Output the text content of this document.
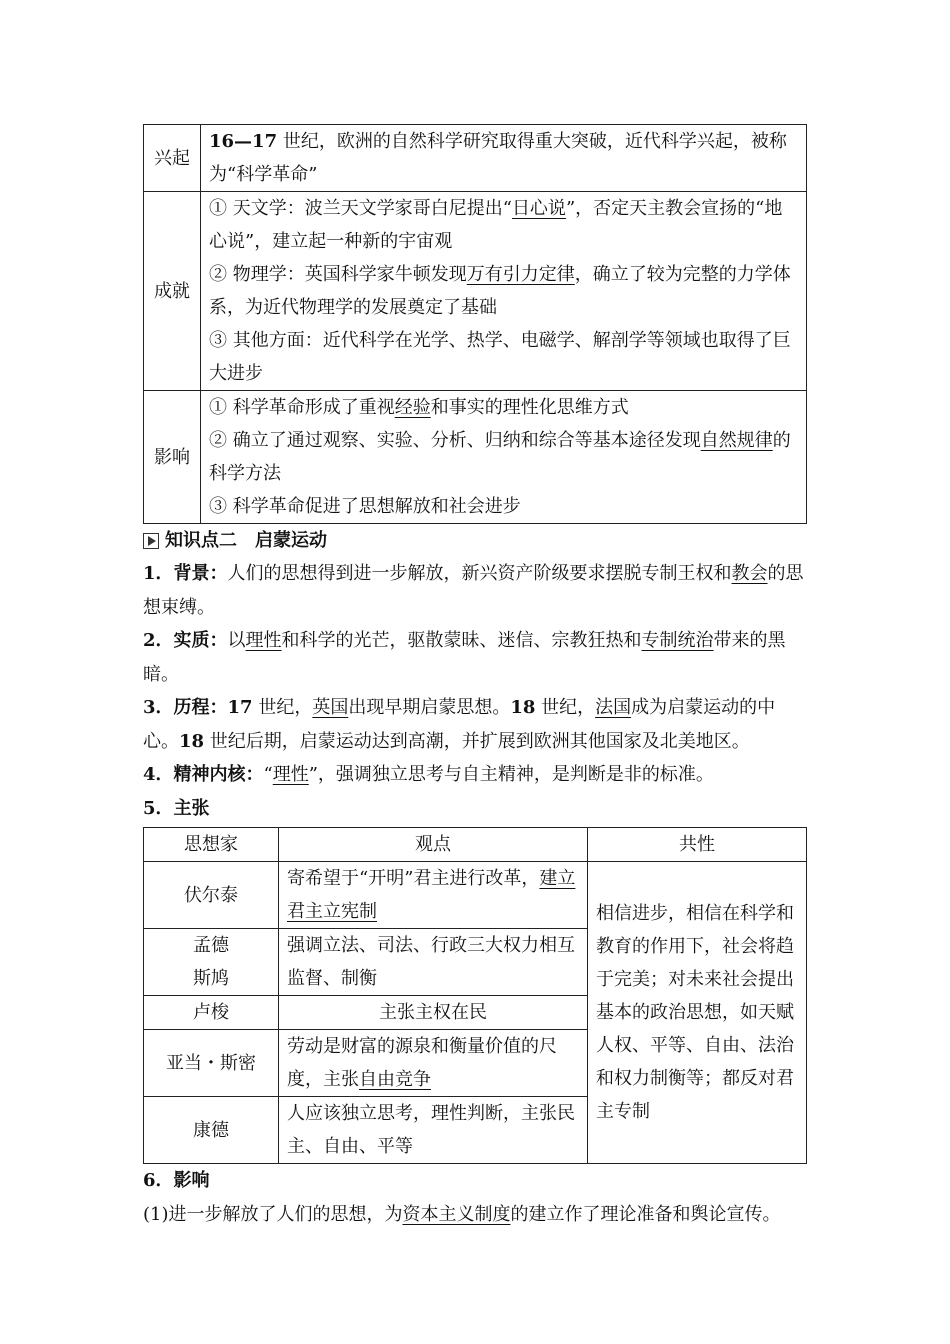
兴起	16—17 世纪，欧洲的自然科学研究取得重大突破，近代科学兴起，被称为“科学革命”
成就	① 天文学：波兰天文学家哥白尼提出“日心说”，否定天主教会宣扬的“地心说”，建立起一种新的宇宙观
② 物理学：英国科学家牛顿发现万有引力定律，确立了较为完整的力学体系，为近代物理学的发展奠定了基础
③ 其他方面：近代科学在光学、热学、电磁学、解剖学等领域也取得了巨大进步

影响	① 科学革命形成了重视经验和事实的理性化思维方式
② 确立了通过观察、实验、分析、归纳和综合等基本途径发现自然规律的科学方法
③ 科学革命促进了思想解放和社会进步
知识点二　启蒙运动

1．背景：人们的思想得到进一步解放，新兴资产阶级要求摆脱专制王权和教会的思想束缚。

2．实质：以理性和科学的光芒，驱散蒙昧、迷信、宗教狂热和专制统治带来的黑暗。

3．历程：17 世纪，英国出现早期启蒙思想。18 世纪，法国成为启蒙运动的中心。18 世纪后期，启蒙运动达到高潮，并扩展到欧洲其他国家及北美地区。

4．精神内核：“理性”，强调独立思考与自主精神，是判断是非的标准。

5．主张

思想家	观点	共性
伏尔泰	寄希望于“开明”君主进行改革，建立君主立宪制	相信进步，相信在科学和教育的作用下，社会将趋于完美；对未来社会提出基本的政治思想，如天赋人权、平等、自由、法治和权力制衡等；都反对君主专制

孟德
斯鸠	强调立法、司法、行政三大权力相互监督、制衡	
卢梭	主张主权在民	
亚当・斯密	劳动是财富的源泉和衡量价值的尺度，主张自由竞争	
康德	人应该独立思考，理性判断，主张民主、自由、平等	

6．影响

(1)进一步解放了人们的思想，为资本主义制度的建立作了理论准备和舆论宣传。
